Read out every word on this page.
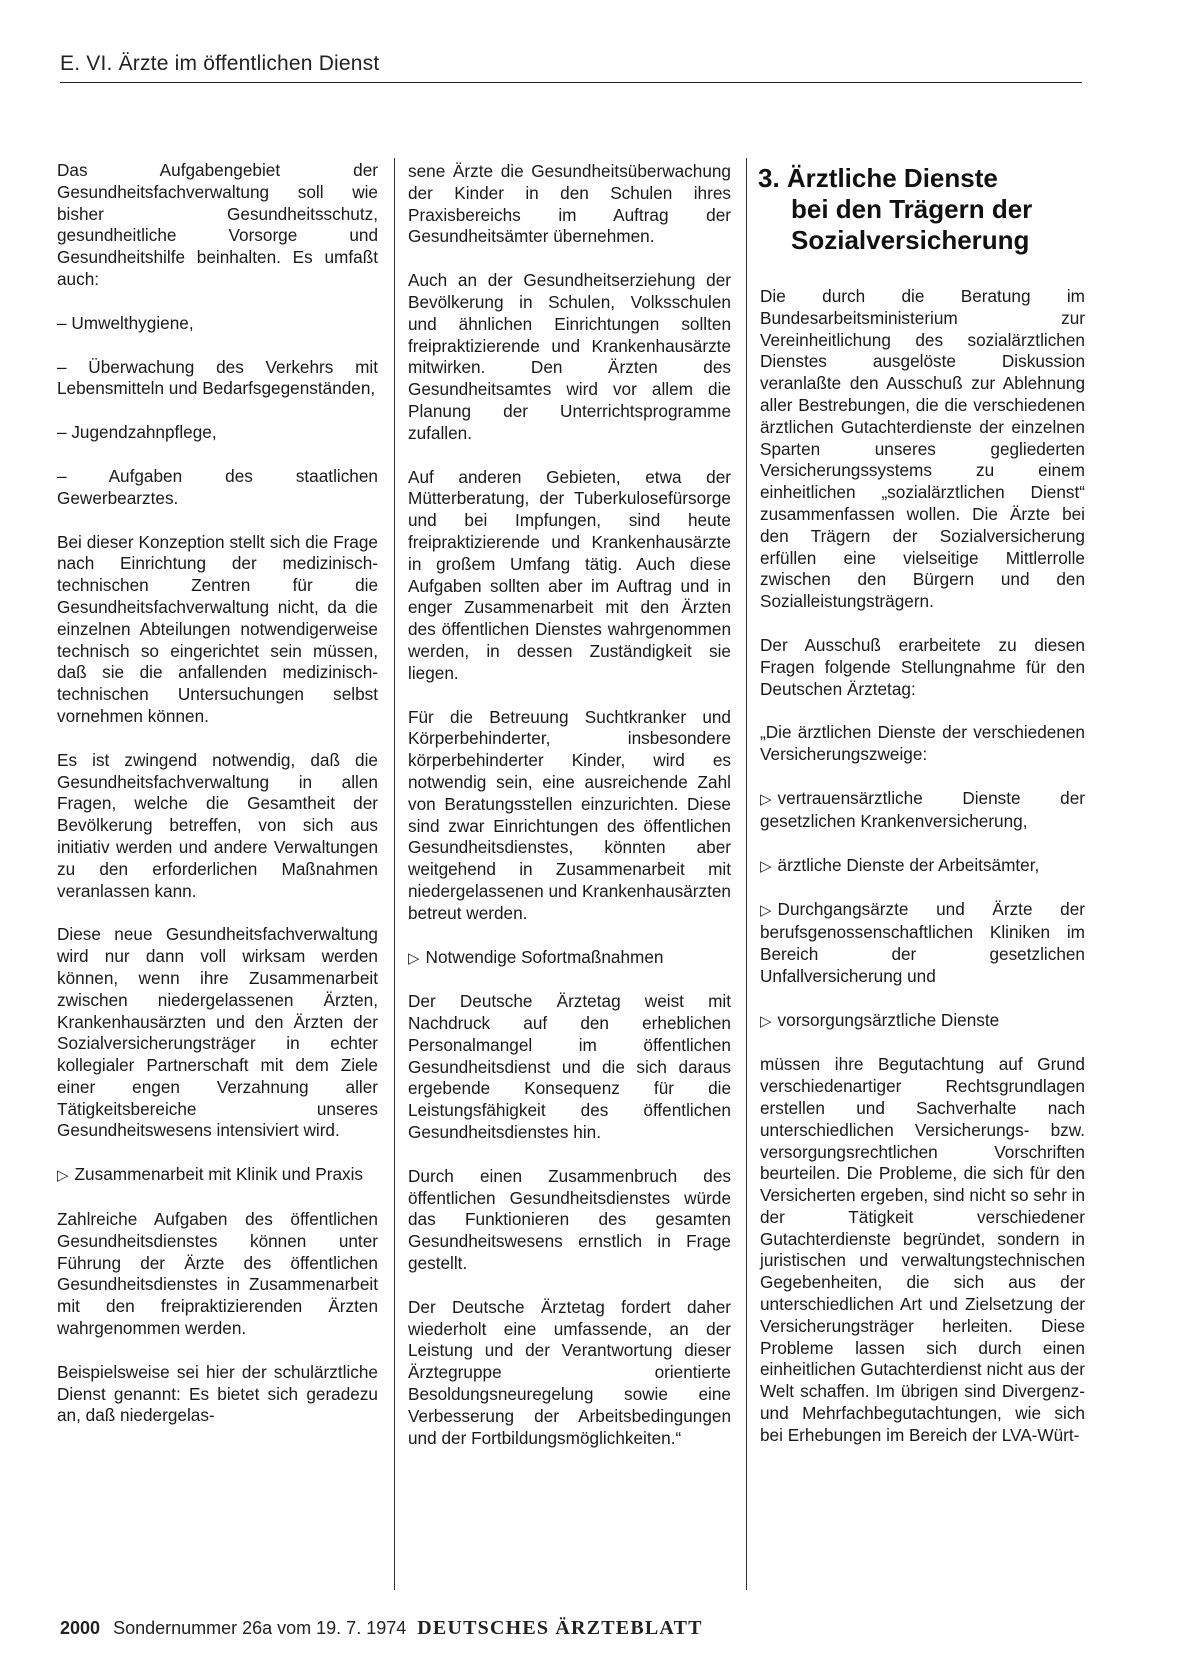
E. VI. Ärzte im öffentlichen Dienst

Das Aufgabengebiet der Gesundheitsfachverwaltung soll wie bisher Gesundheitsschutz, gesundheitliche Vorsorge und Gesundheitshilfe beinhalten. Es umfaßt auch:

– Umwelthygiene,

– Überwachung des Verkehrs mit Lebensmitteln und Bedarfsgegenständen,

– Jugendzahnpflege,

– Aufgaben des staatlichen Gewerbearztes.

Bei dieser Konzeption stellt sich die Frage nach Einrichtung der medizinisch-technischen Zentren für die Gesundheitsfachverwaltung nicht, da die einzelnen Abteilungen notwendigerweise technisch so eingerichtet sein müssen, daß sie die anfallenden medizinisch-technischen Untersuchungen selbst vornehmen können.

Es ist zwingend notwendig, daß die Gesundheitsfachverwaltung in allen Fragen, welche die Gesamtheit der Bevölkerung betreffen, von sich aus initiativ werden und andere Verwaltungen zu den erforderlichen Maßnahmen veranlassen kann.

Diese neue Gesundheitsfachverwaltung wird nur dann voll wirksam werden können, wenn ihre Zusammenarbeit zwischen niedergelassenen Ärzten, Krankenhausärzten und den Ärzten der Sozialversicherungsträger in echter kollegialer Partnerschaft mit dem Ziele einer engen Verzahnung aller Tätigkeitsbereiche unseres Gesundheitswesens intensiviert wird.

▷ Zusammenarbeit mit Klinik und Praxis

Zahlreiche Aufgaben des öffentlichen Gesundheitsdienstes können unter Führung der Ärzte des öffentlichen Gesundheitsdienstes in Zusammenarbeit mit den freipraktizierenden Ärzten wahrgenommen werden.

Beispielsweise sei hier der schulärztliche Dienst genannt: Es bietet sich geradezu an, daß niedergelas-

sene Ärzte die Gesundheitsüberwachung der Kinder in den Schulen ihres Praxisbereichs im Auftrag der Gesundheitsämter übernehmen.

Auch an der Gesundheitserziehung der Bevölkerung in Schulen, Volksschulen und ähnlichen Einrichtungen sollten freipraktizierende und Krankenhausärzte mitwirken. Den Ärzten des Gesundheitsamtes wird vor allem die Planung der Unterrichtsprogramme zufallen.

Auf anderen Gebieten, etwa der Mütterberatung, der Tuberkulosefürsorge und bei Impfungen, sind heute freipraktizierende und Krankenhausärzte in großem Umfang tätig. Auch diese Aufgaben sollten aber im Auftrag und in enger Zusammenarbeit mit den Ärzten des öffentlichen Dienstes wahrgenommen werden, in dessen Zuständigkeit sie liegen.

Für die Betreuung Suchtkranker und Körperbehinderter, insbesondere körperbehinderter Kinder, wird es notwendig sein, eine ausreichende Zahl von Beratungsstellen einzurichten. Diese sind zwar Einrichtungen des öffentlichen Gesundheitsdienstes, könnten aber weitgehend in Zusammenarbeit mit niedergelassenen und Krankenhausärzten betreut werden.

▷ Notwendige Sofortmaßnahmen

Der Deutsche Ärztetag weist mit Nachdruck auf den erheblichen Personalmangel im öffentlichen Gesundheitsdienst und die sich daraus ergebende Konsequenz für die Leistungsfähigkeit des öffentlichen Gesundheitsdienstes hin.

Durch einen Zusammenbruch des öffentlichen Gesundheitsdienstes würde das Funktionieren des gesamten Gesundheitswesens ernstlich in Frage gestellt.

Der Deutsche Ärztetag fordert daher wiederholt eine umfassende, an der Leistung und der Verantwortung dieser Ärztegruppe orientierte Besoldungsneuregelung sowie eine Verbesserung der Arbeitsbedingungen und der Fortbildungsmöglichkeiten.“

3. Ärztliche Dienste
bei den Trägern der
Sozialversicherung

Die durch die Beratung im Bundesarbeitsministerium zur Vereinheitlichung des sozialärztlichen Dienstes ausgelöste Diskussion veranlaßte den Ausschuß zur Ablehnung aller Bestrebungen, die die verschiedenen ärztlichen Gutachterdienste der einzelnen Sparten unseres gegliederten Versicherungssystems zu einem einheitlichen „sozialärztlichen Dienst“ zusammenfassen wollen. Die Ärzte bei den Trägern der Sozialversicherung erfüllen eine vielseitige Mittlerrolle zwischen den Bürgern und den Sozialleistungsträgern.

Der Ausschuß erarbeitete zu diesen Fragen folgende Stellungnahme für den Deutschen Ärztetag:

„Die ärztlichen Dienste der verschiedenen Versicherungszweige:

▷ vertrauensärztliche Dienste der gesetzlichen Krankenversicherung,

▷ ärztliche Dienste der Arbeitsämter,

▷ Durchgangsärzte und Ärzte der berufsgenossenschaftlichen Kliniken im Bereich der gesetzlichen Unfallversicherung und

▷ vorsorgungsärztliche Dienste

müssen ihre Begutachtung auf Grund verschiedenartiger Rechtsgrundlagen erstellen und Sachverhalte nach unterschiedlichen Versicherungs- bzw. versorgungsrechtlichen Vorschriften beurteilen. Die Probleme, die sich für den Versicherten ergeben, sind nicht so sehr in der Tätigkeit verschiedener Gutachterdienste begründet, sondern in juristischen und verwaltungstechnischen Gegebenheiten, die sich aus der unterschiedlichen Art und Zielsetzung der Versicherungsträger herleiten. Diese Probleme lassen sich durch einen einheitlichen Gutachterdienst nicht aus der Welt schaffen. Im übrigen sind Divergenz- und Mehrfachbegutachtungen, wie sich bei Erhebungen im Bereich der LVA-Würt-

2000 Sondernummer 26a vom 19. 7. 1974 DEUTSCHES ÄRZTEBLATT
